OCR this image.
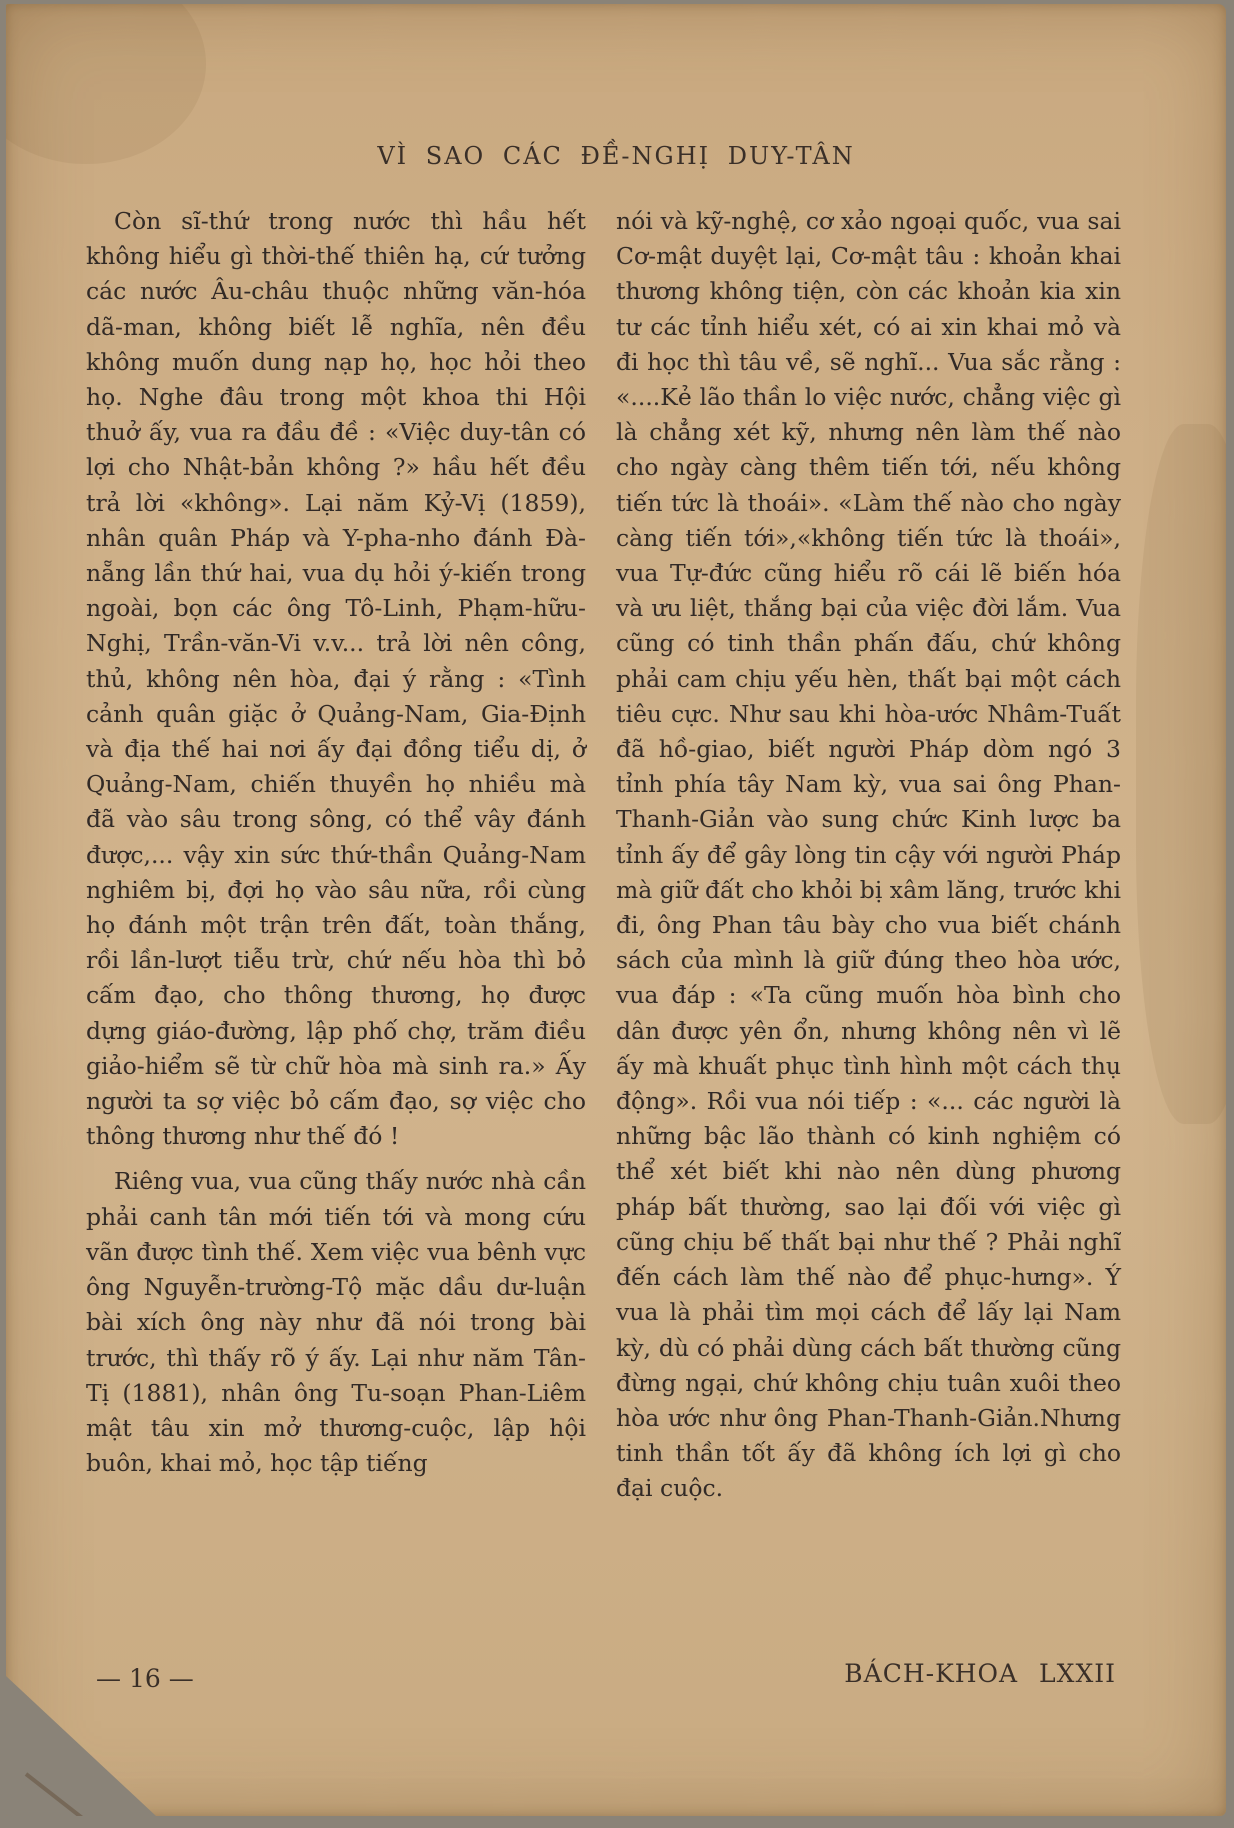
VÌ SAO CÁC ĐỀ-NGHỊ DUY-TÂN

Còn sĩ-thứ trong nước thì hầu hết không hiểu gì thời-thế thiên hạ, cứ tưởng các nước Âu-châu thuộc những văn-hóa dã-man, không biết lễ nghĩa, nên đều không muốn dung nạp họ, học hỏi theo họ. Nghe đâu trong một khoa thi Hội thuở ấy, vua ra đầu đề : «Việc duy-tân có lợi cho Nhật-bản không ?» hầu hết đều trả lời «không». Lại năm Kỷ-Vị (1859), nhân quân Pháp và Y-pha-nho đánh Đà-nẵng lần thứ hai, vua dụ hỏi ý-kiến trong ngoài, bọn các ông Tô-Linh, Phạm-hữu-Nghị, Trần-văn-Vi v.v... trả lời nên công, thủ, không nên hòa, đại ý rằng : «Tình cảnh quân giặc ở Quảng-Nam, Gia-Định và địa thế hai nơi ấy đại đồng tiểu dị, ở Quảng-Nam, chiến thuyền họ nhiều mà đã vào sâu trong sông, có thể vây đánh được,... vậy xin sức thứ-thần Quảng-Nam nghiêm bị, đợi họ vào sâu nữa, rồi cùng họ đánh một trận trên đất, toàn thắng, rồi lần-lượt tiễu trừ, chứ nếu hòa thì bỏ cấm đạo, cho thông thương, họ được dựng giáo-đường, lập phố chợ, trăm điều giảo-hiểm sẽ từ chữ hòa mà sinh ra.» Ấy người ta sợ việc bỏ cấm đạo, sợ việc cho thông thương như thế đó !

Riêng vua, vua cũng thấy nước nhà cần phải canh tân mới tiến tới và mong cứu vãn được tình thế. Xem việc vua bênh vực ông Nguyễn-trường-Tộ mặc dầu dư-luận bài xích ông này như đã nói trong bài trước, thì thấy rõ ý ấy. Lại như năm Tân-Tị (1881), nhân ông Tu-soạn Phan-Liêm mật tâu xin mở thương-cuộc, lập hội buôn, khai mỏ, học tập tiếng

nói và kỹ-nghệ, cơ xảo ngoại quốc, vua sai Cơ-mật duyệt lại, Cơ-mật tâu : khoản khai thương không tiện, còn các khoản kia xin tư các tỉnh hiểu xét, có ai xin khai mỏ và đi học thì tâu về, sẽ nghĩ... Vua sắc rằng : «....Kẻ lão thần lo việc nước, chẳng việc gì là chẳng xét kỹ, nhưng nên làm thế nào cho ngày càng thêm tiến tới, nếu không tiến tức là thoái». «Làm thế nào cho ngày càng tiến tới»,«không tiến tức là thoái», vua Tự-đức cũng hiểu rõ cái lẽ biến hóa và ưu liệt, thắng bại của việc đời lắm. Vua cũng có tinh thần phấn đấu, chứ không phải cam chịu yếu hèn, thất bại một cách tiêu cực. Như sau khi hòa-ước Nhâm-Tuất đã hồ-giao, biết người Pháp dòm ngó 3 tỉnh phía tây Nam kỳ, vua sai ông Phan-Thanh-Giản vào sung chức Kinh lược ba tỉnh ấy để gây lòng tin cậy với người Pháp mà giữ đất cho khỏi bị xâm lăng, trước khi đi, ông Phan tâu bày cho vua biết chánh sách của mình là giữ đúng theo hòa ước, vua đáp : «Ta cũng muốn hòa bình cho dân được yên ổn, nhưng không nên vì lẽ ấy mà khuất phục tình hình một cách thụ động». Rồi vua nói tiếp : «... các người là những bậc lão thành có kinh nghiệm có thể xét biết khi nào nên dùng phương pháp bất thường, sao lại đối với việc gì cũng chịu bế thất bại như thế ? Phải nghĩ đến cách làm thế nào để phục-hưng». Ý vua là phải tìm mọi cách để lấy lại Nam kỳ, dù có phải dùng cách bất thường cũng đừng ngại, chứ không chịu tuân xuôi theo hòa ước như ông Phan-Thanh-Giản.Nhưng tinh thần tốt ấy đã không ích lợi gì cho đại cuộc.

— 16 —	BÁCH-KHOA LXXII
